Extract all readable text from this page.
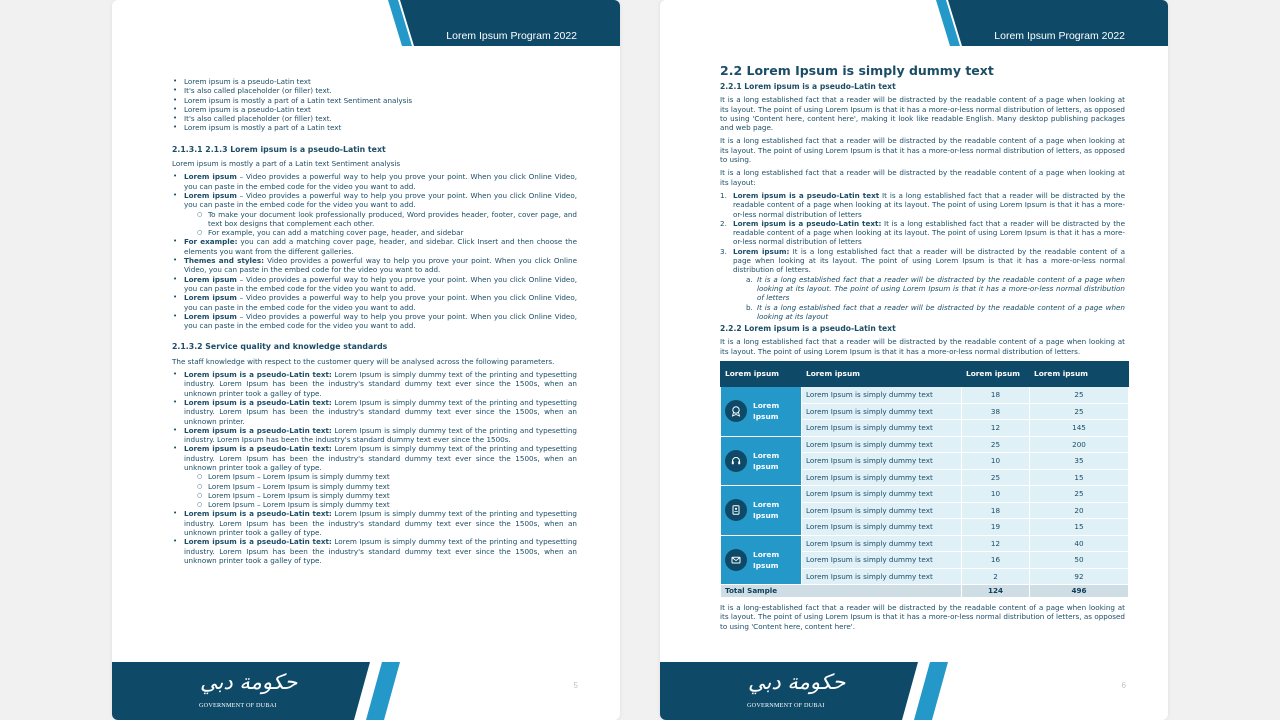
Lorem Ipsum Program 2022
• Lorem ipsum is a pseudo-Latin text
• It's also called placeholder (or filler) text.
• Lorem ipsum is mostly a part of a Latin text Sentiment analysis
• Lorem ipsum is a pseudo-Latin text
• It's also called placeholder (or filler) text.
• Lorem ipsum is mostly a part of a Latin text
2.1.3.1 2.1.3 Lorem ipsum is a pseudo-Latin text

Lorem ipsum is mostly a part of a Latin text Sentiment analysis

• Lorem ipsum – Video provides a powerful way to help you prove your point. When you click Online Video, you can paste in the embed code for the video you want to add.
• Lorem ipsum – Video provides a powerful way to help you prove your point. When you click Online Video, you can paste in the embed code for the video you want to add.
○ To make your document look professionally produced, Word provides header, footer, cover page, and text box designs that complement each other.
○ For example, you can add a matching cover page, header, and sidebar
• For example: you can add a matching cover page, header, and sidebar. Click Insert and then choose the elements you want from the different galleries.
• Themes and styles: Video provides a powerful way to help you prove your point. When you click Online Video, you can paste in the embed code for the video you want to add.
• Lorem ipsum – Video provides a powerful way to help you prove your point. When you click Online Video, you can paste in the embed code for the video you want to add.
• Lorem ipsum – Video provides a powerful way to help you prove your point. When you click Online Video, you can paste in the embed code for the video you want to add.
• Lorem ipsum – Video provides a powerful way to help you prove your point. When you click Online Video, you can paste in the embed code for the video you want to add.
2.1.3.2 Service quality and knowledge standards

The staff knowledge with respect to the customer query will be analysed across the following parameters.

• Lorem ipsum is a pseudo-Latin text: Lorem Ipsum is simply dummy text of the printing and typesetting industry. Lorem Ipsum has been the industry's standard dummy text ever since the 1500s, when an unknown printer took a galley of type.
• Lorem ipsum is a pseudo-Latin text: Lorem Ipsum is simply dummy text of the printing and typesetting industry. Lorem Ipsum has been the industry's standard dummy text ever since the 1500s, when an unknown printer.
• Lorem ipsum is a pseudo-Latin text: Lorem Ipsum is simply dummy text of the printing and typesetting industry. Lorem Ipsum has been the industry's standard dummy text ever since the 1500s.
• Lorem ipsum is a pseudo-Latin text: Lorem Ipsum is simply dummy text of the printing and typesetting industry. Lorem Ipsum has been the industry's standard dummy text ever since the 1500s, when an unknown printer took a galley of type.
○ Lorem Ipsum – Lorem Ipsum is simply dummy text
○ Lorem Ipsum – Lorem Ipsum is simply dummy text
○ Lorem Ipsum – Lorem Ipsum is simply dummy text
○ Lorem Ipsum – Lorem Ipsum is simply dummy text
• Lorem ipsum is a pseudo-Latin text: Lorem Ipsum is simply dummy text of the printing and typesetting industry. Lorem Ipsum has been the industry's standard dummy text ever since the 1500s, when an unknown printer took a galley of type.
• Lorem ipsum is a pseudo-Latin text: Lorem Ipsum is simply dummy text of the printing and typesetting industry. Lorem Ipsum has been the industry's standard dummy text ever since the 1500s, when an unknown printer took a galley of type.
حكومة دبي
GOVERNMENT OF DUBAI
5
Lorem Ipsum Program 2022
2.2 Lorem Ipsum is simply dummy text
2.2.1 Lorem ipsum is a pseudo-Latin text

It is a long established fact that a reader will be distracted by the readable content of a page when looking at its layout. The point of using Lorem Ipsum is that it has a more-or-less normal distribution of letters, as opposed to using 'Content here, content here', making it look like readable English. Many desktop publishing packages and web page.

It is a long established fact that a reader will be distracted by the readable content of a page when looking at its layout. The point of using Lorem Ipsum is that it has a more-or-less normal distribution of letters, as opposed to using.

It is a long established fact that a reader will be distracted by the readable content of a page when looking at its layout:

1. Lorem ipsum is a pseudo-Latin text It is a long established fact that a reader will be distracted by the readable content of a page when looking at its layout. The point of using Lorem Ipsum is that it has a more-or-less normal distribution of letters
2. Lorem ipsum is a pseudo-Latin text: It is a long established fact that a reader will be distracted by the readable content of a page when looking at its layout. The point of using Lorem Ipsum is that it has a more-or-less normal distribution of letters
3. Lorem ipsum: It is a long established fact that a reader will be distracted by the readable content of a page when looking at its layout. The point of using Lorem Ipsum is that it has a more-or-less normal distribution of letters.
a. It is a long established fact that a reader will be distracted by the readable content of a page when looking at its layout. The point of using Lorem Ipsum is that it has a more-or-less normal distribution of letters
b. It is a long established fact that a reader will be distracted by the readable content of a page when looking at its layout
2.2.2 Lorem ipsum is a pseudo-Latin text

It is a long established fact that a reader will be distracted by the readable content of a page when looking at its layout. The point of using Lorem Ipsum is that it has a more-or-less normal distribution of letters.

Lorem ipsum	Lorem ipsum	Lorem ipsum	Lorem ipsum

Lorem Ipsum	Lorem Ipsum is simply dummy text	18	25
	Lorem Ipsum is simply dummy text	38	25
	Lorem Ipsum is simply dummy text	12	145

Lorem Ipsum	Lorem Ipsum is simply dummy text	25	200
	Lorem Ipsum is simply dummy text	10	35
	Lorem Ipsum is simply dummy text	25	15

Lorem Ipsum	Lorem Ipsum is simply dummy text	10	25
	Lorem Ipsum is simply dummy text	18	20
	Lorem Ipsum is simply dummy text	19	15

Lorem Ipsum	Lorem Ipsum is simply dummy text	12	40
	Lorem Ipsum is simply dummy text	16	50
	Lorem Ipsum is simply dummy text	2	92
Total Sample		124	496

It is a long-established fact that a reader will be distracted by the readable content of a page when looking at its layout. The point of using Lorem Ipsum is that it has a more-or-less normal distribution of letters, as opposed to using 'Content here, content here'.

حكومة دبي
GOVERNMENT OF DUBAI
6
